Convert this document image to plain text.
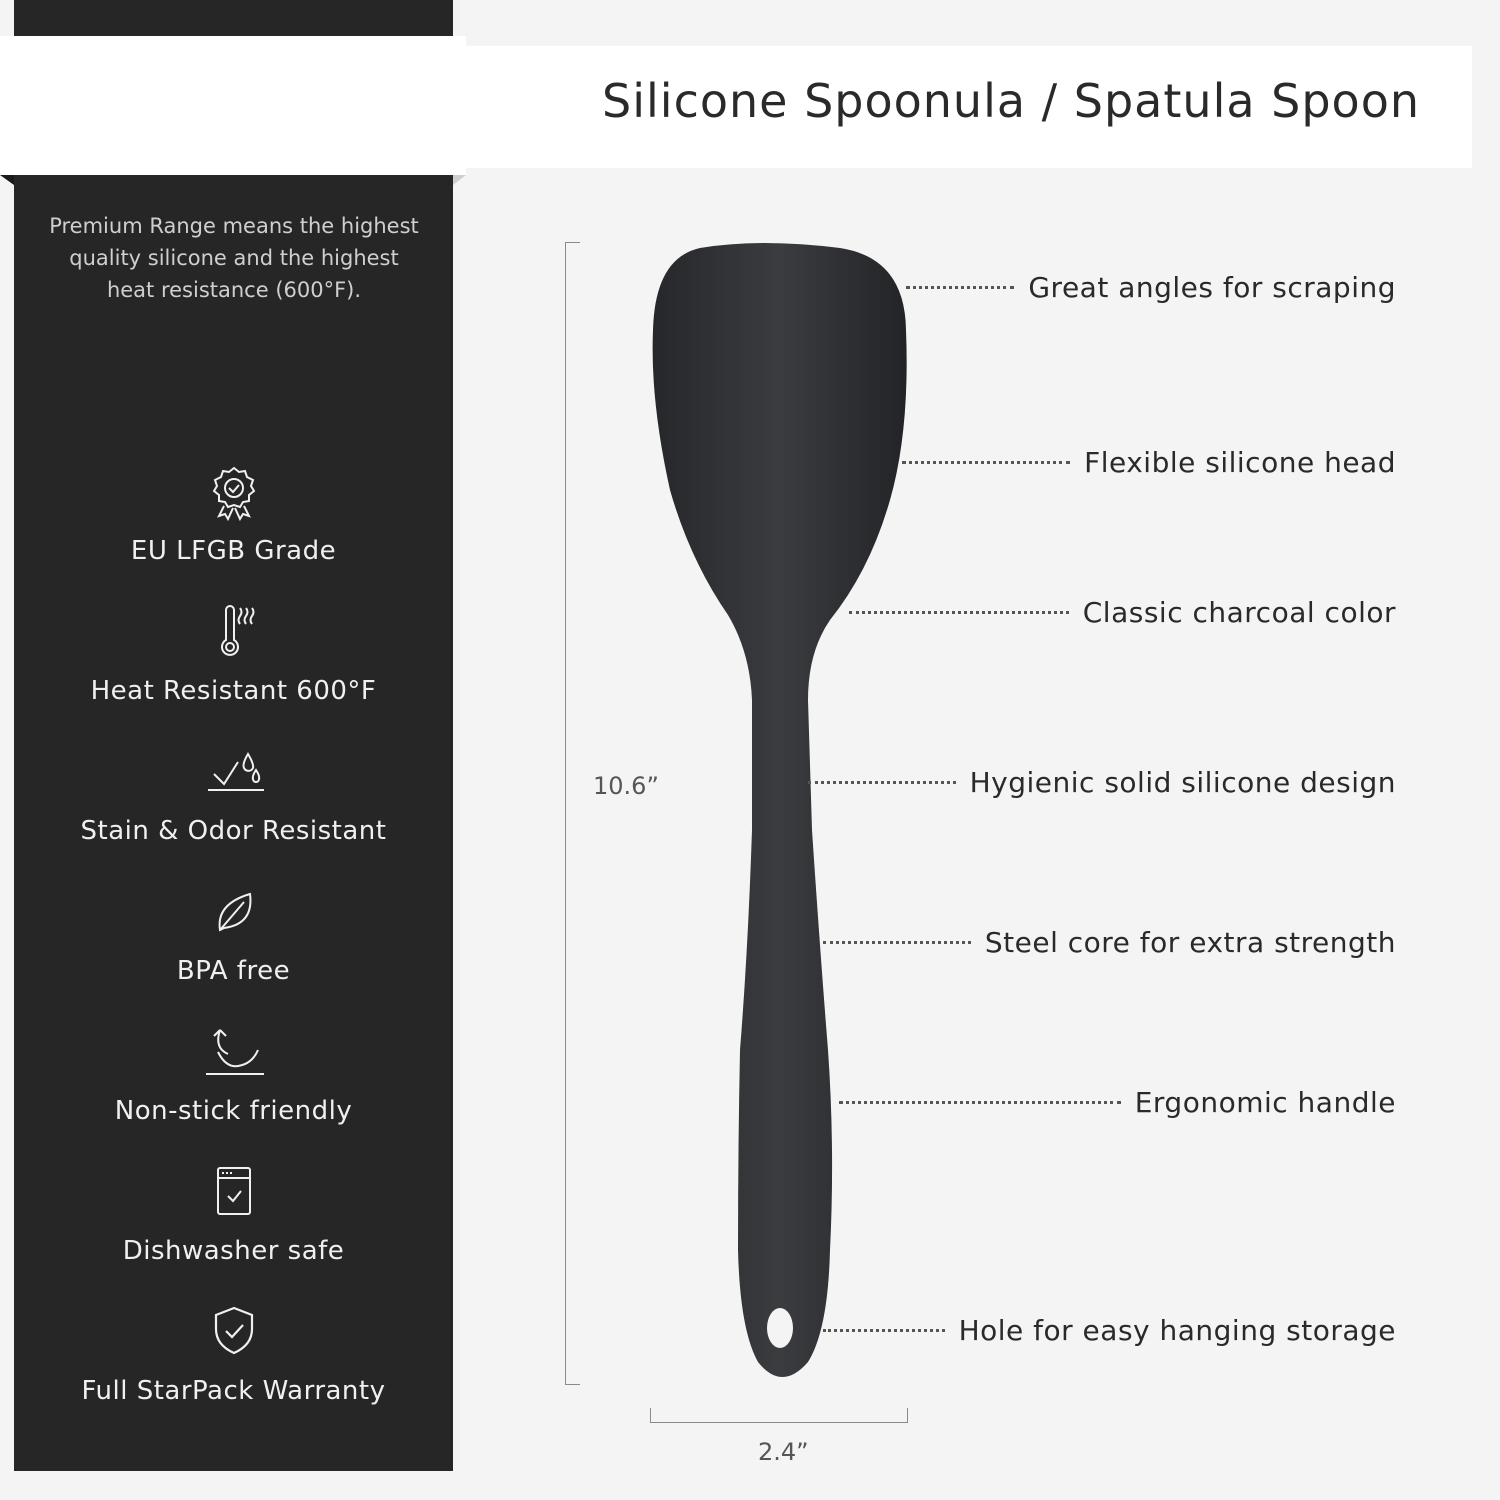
Premium Range means the highest quality silicone and the highest heat resistance (600°F).
Silicone Spoonula / Spatula Spoon
EU LFGB Grade
Heat Resistant 600°F
Stain & Odor Resistant
BPA free
Non-stick friendly
Dishwasher safe
Full StarPack Warranty
10.6”
2.4”
Great angles for scraping
Flexible silicone head
Classic charcoal color
Hygienic solid silicone design
Steel core for extra strength
Ergonomic handle
Hole for easy hanging storage
